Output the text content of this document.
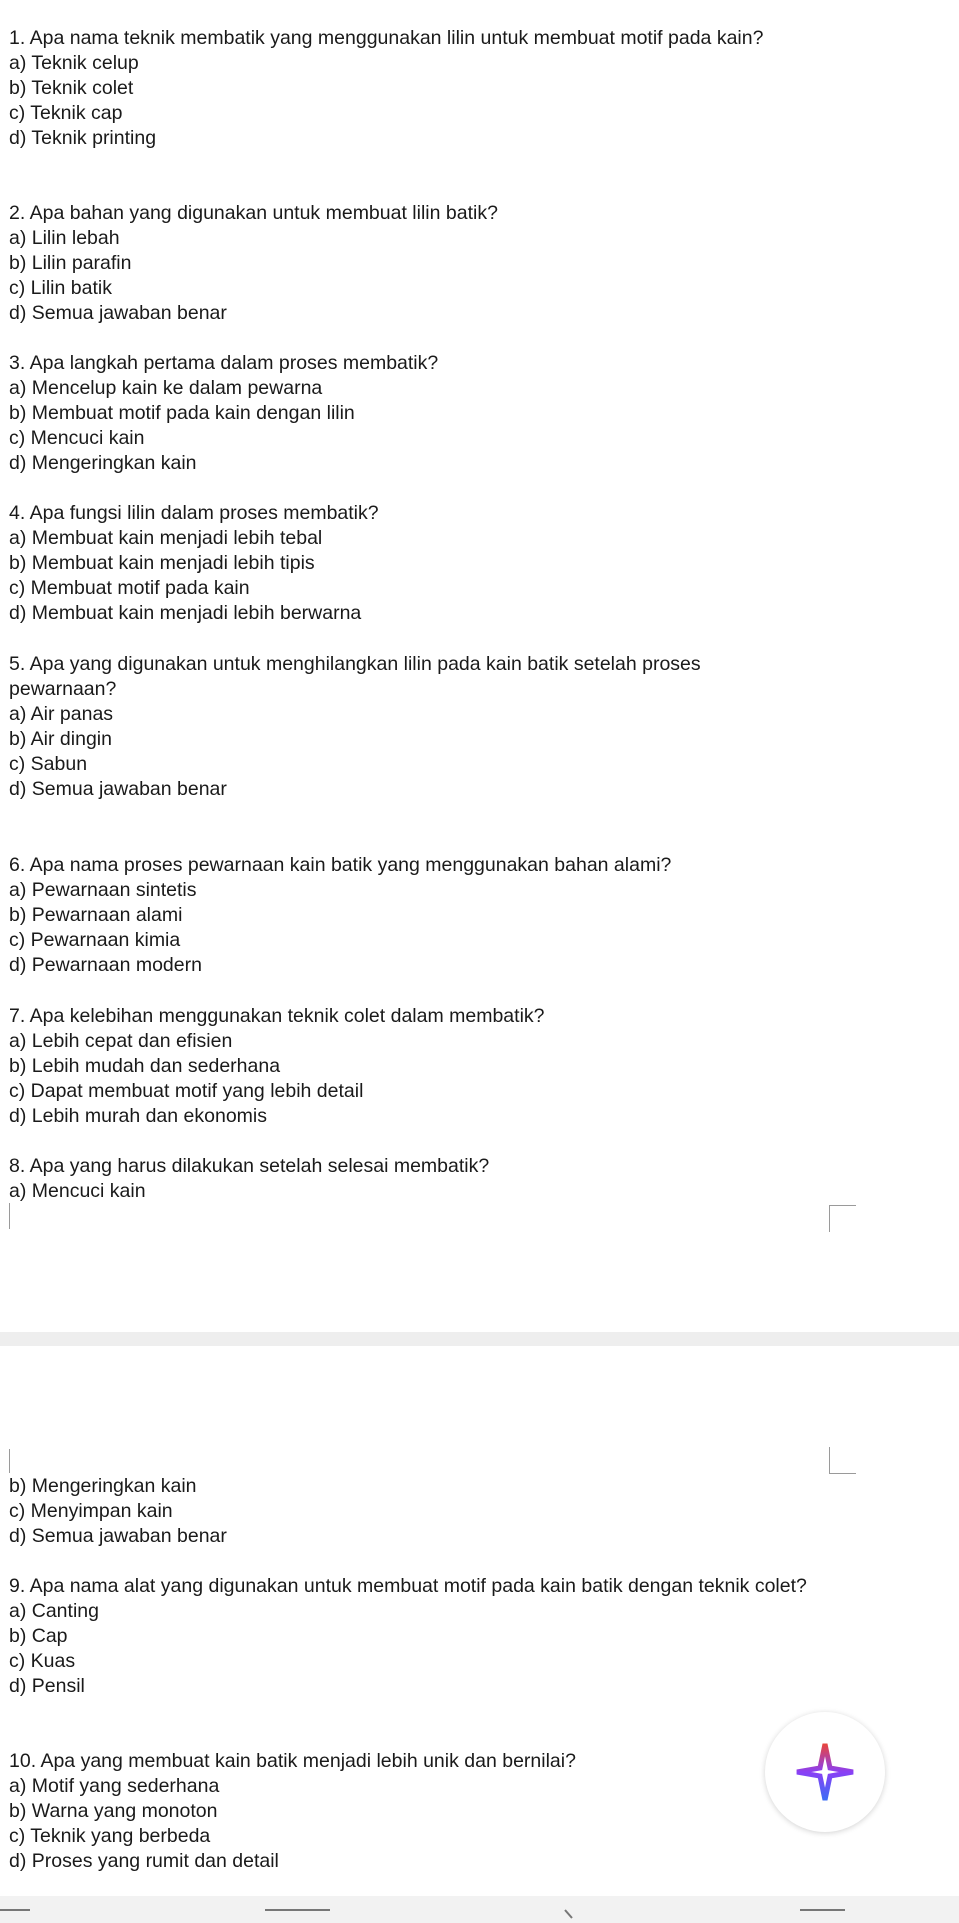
1. Apa nama teknik membatik yang menggunakan lilin untuk membuat motif pada kain?

a) Teknik celup

b) Teknik colet

c) Teknik cap

d) Teknik printing

2. Apa bahan yang digunakan untuk membuat lilin batik?

a) Lilin lebah

b) Lilin parafin

c) Lilin batik

d) Semua jawaban benar

3. Apa langkah pertama dalam proses membatik?

a) Mencelup kain ke dalam pewarna

b) Membuat motif pada kain dengan lilin

c) Mencuci kain

d) Mengeringkan kain

4. Apa fungsi lilin dalam proses membatik?

a) Membuat kain menjadi lebih tebal

b) Membuat kain menjadi lebih tipis

c) Membuat motif pada kain

d) Membuat kain menjadi lebih berwarna

5. Apa yang digunakan untuk menghilangkan lilin pada kain batik setelah proses pewarnaan?

a) Air panas

b) Air dingin

c) Sabun

d) Semua jawaban benar

6. Apa nama proses pewarnaan kain batik yang menggunakan bahan alami?

a) Pewarnaan sintetis

b) Pewarnaan alami

c) Pewarnaan kimia

d) Pewarnaan modern

7. Apa kelebihan menggunakan teknik colet dalam membatik?

a) Lebih cepat dan efisien

b) Lebih mudah dan sederhana

c) Dapat membuat motif yang lebih detail

d) Lebih murah dan ekonomis

8. Apa yang harus dilakukan setelah selesai membatik?

a) Mencuci kain

b) Mengeringkan kain

c) Menyimpan kain

d) Semua jawaban benar

9. Apa nama alat yang digunakan untuk membuat motif pada kain batik dengan teknik colet?

a) Canting

b) Cap

c) Kuas

d) Pensil

10. Apa yang membuat kain batik menjadi lebih unik dan bernilai?

a) Motif yang sederhana

b) Warna yang monoton

c) Teknik yang berbeda

d) Proses yang rumit dan detail
